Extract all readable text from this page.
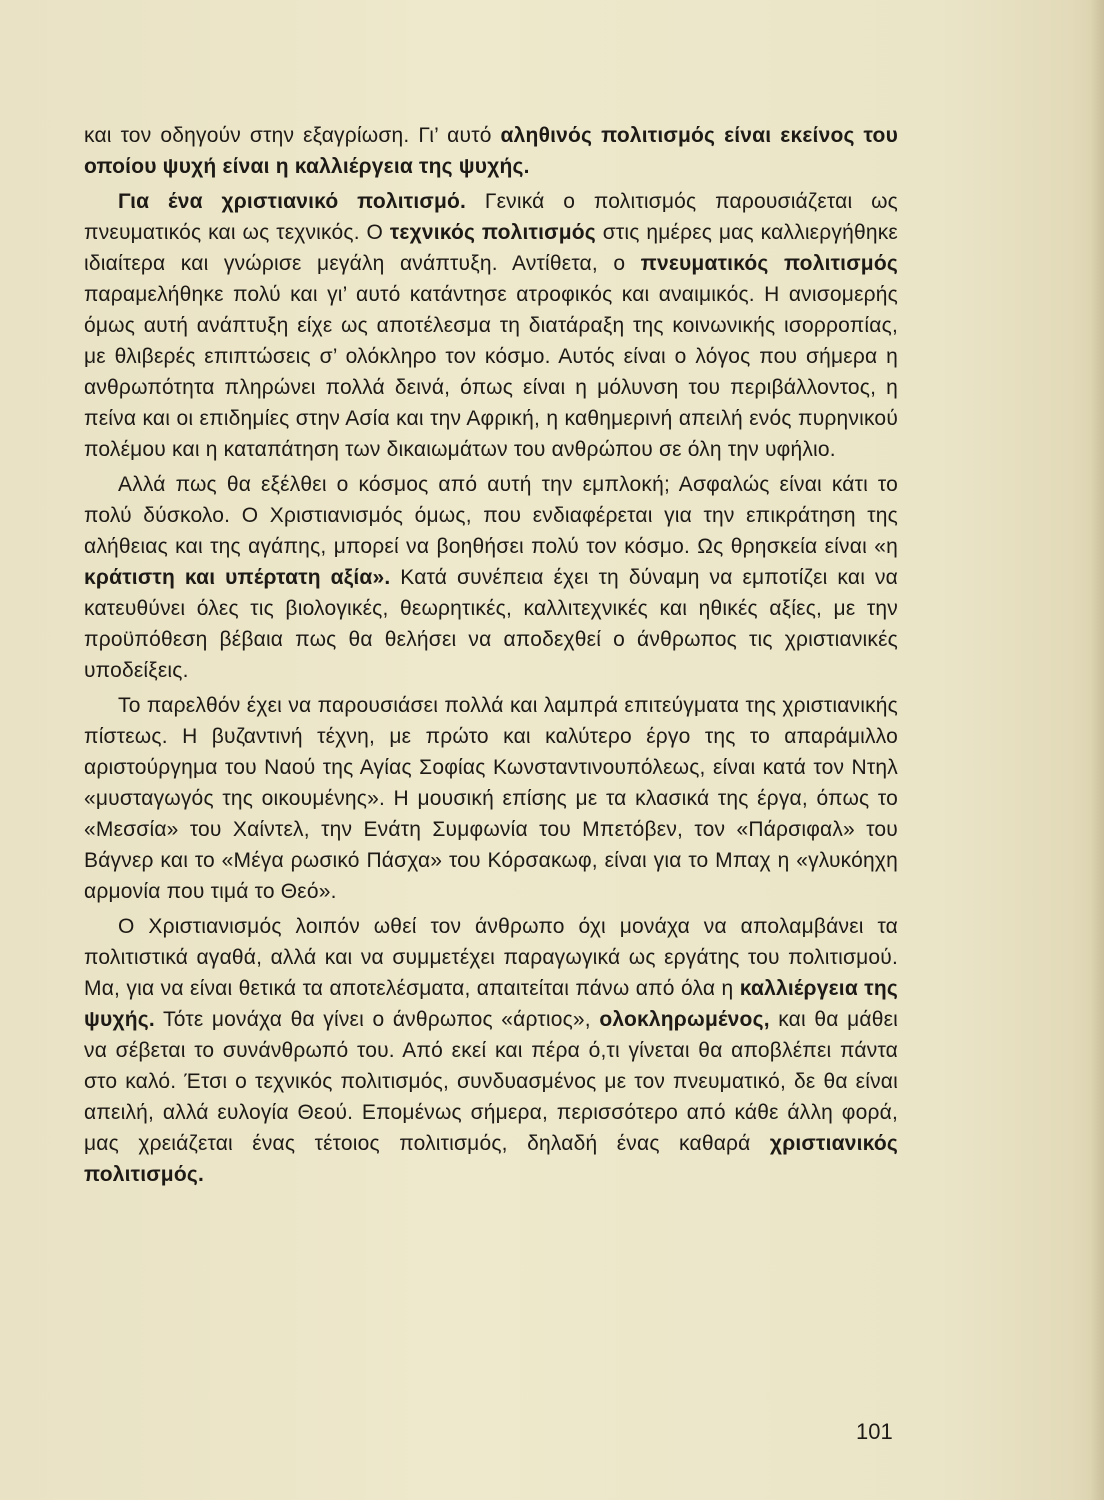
και τον οδηγούν στην εξαγρίωση. Γι’ αυτό αληθινός πολιτισμός είναι εκείνος του οποίου ψυχή είναι η καλλιέργεια της ψυχής.

Για ένα χριστιανικό πολιτισμό. Γενικά ο πολιτισμός παρουσιάζεται ως πνευματικός και ως τεχνικός. Ο τεχνικός πολιτισμός στις ημέρες μας καλλιεργήθηκε ιδιαίτερα και γνώρισε μεγάλη ανάπτυξη. Αντίθετα, ο πνευματικός πολιτισμός παραμελήθηκε πολύ και γι’ αυτό κατάντησε ατροφικός και αναιμικός. Η ανισομερής όμως αυτή ανάπτυξη είχε ως αποτέλεσμα τη διατάραξη της κοινωνικής ισορροπίας, με θλιβερές επιπτώσεις σ’ ολόκληρο τον κόσμο. Αυτός είναι ο λόγος που σήμερα η ανθρωπότητα πληρώνει πολλά δεινά, όπως είναι η μόλυνση του περιβάλλοντος, η πείνα και οι επιδημίες στην Ασία και την Αφρική, η καθημερινή απειλή ενός πυρηνικού πολέμου και η καταπάτηση των δικαιωμάτων του ανθρώπου σε όλη την υφήλιο.

Αλλά πως θα εξέλθει ο κόσμος από αυτή την εμπλοκή; Ασφαλώς είναι κάτι το πολύ δύσκολο. Ο Χριστιανισμός όμως, που ενδιαφέρεται για την επικράτηση της αλήθειας και της αγάπης, μπορεί να βοηθήσει πολύ τον κόσμο. Ως θρησκεία είναι «η κράτιστη και υπέρτατη αξία». Κατά συνέπεια έχει τη δύναμη να εμποτίζει και να κατευθύνει όλες τις βιολογικές, θεωρητικές, καλλιτεχνικές και ηθικές αξίες, με την προϋπόθεση βέβαια πως θα θελήσει να αποδεχθεί ο άνθρωπος τις χριστιανικές υποδείξεις.

Το παρελθόν έχει να παρουσιάσει πολλά και λαμπρά επιτεύγματα της χριστιανικής πίστεως. Η βυζαντινή τέχνη, με πρώτο και καλύτερο έργο της το απαράμιλλο αριστούργημα του Ναού της Αγίας Σοφίας Κωνσταντινουπόλεως, είναι κατά τον Ντηλ «μυσταγωγός της οικουμένης». Η μουσική επίσης με τα κλασικά της έργα, όπως το «Μεσσία» του Χαίντελ, την Ενάτη Συμφωνία του Μπετόβεν, τον «Πάρσιφαλ» του Βάγνερ και το «Μέγα ρωσικό Πάσχα» του Κόρσακωφ, είναι για το Μπαχ η «γλυκόηχη αρμονία που τιμά το Θεό».

Ο Χριστιανισμός λοιπόν ωθεί τον άνθρωπο όχι μονάχα να απολαμβάνει τα πολιτιστικά αγαθά, αλλά και να συμμετέχει παραγωγικά ως εργάτης του πολιτισμού. Μα, για να είναι θετικά τα αποτελέσματα, απαιτείται πάνω από όλα η καλλιέργεια της ψυχής. Τότε μονάχα θα γίνει ο άνθρωπος «άρτιος», ολοκληρωμένος, και θα μάθει να σέβεται το συνάνθρωπό του. Από εκεί και πέρα ό,τι γίνεται θα αποβλέπει πάντα στο καλό. Έτσι ο τεχνικός πολιτισμός, συνδυασμένος με τον πνευματικό, δε θα είναι απειλή, αλλά ευλογία Θεού. Επομένως σήμερα, περισσότερο από κάθε άλλη φορά, μας χρειάζεται ένας τέτοιος πολιτισμός, δηλαδή ένας καθαρά χριστιανικός πολιτισμός.

101
